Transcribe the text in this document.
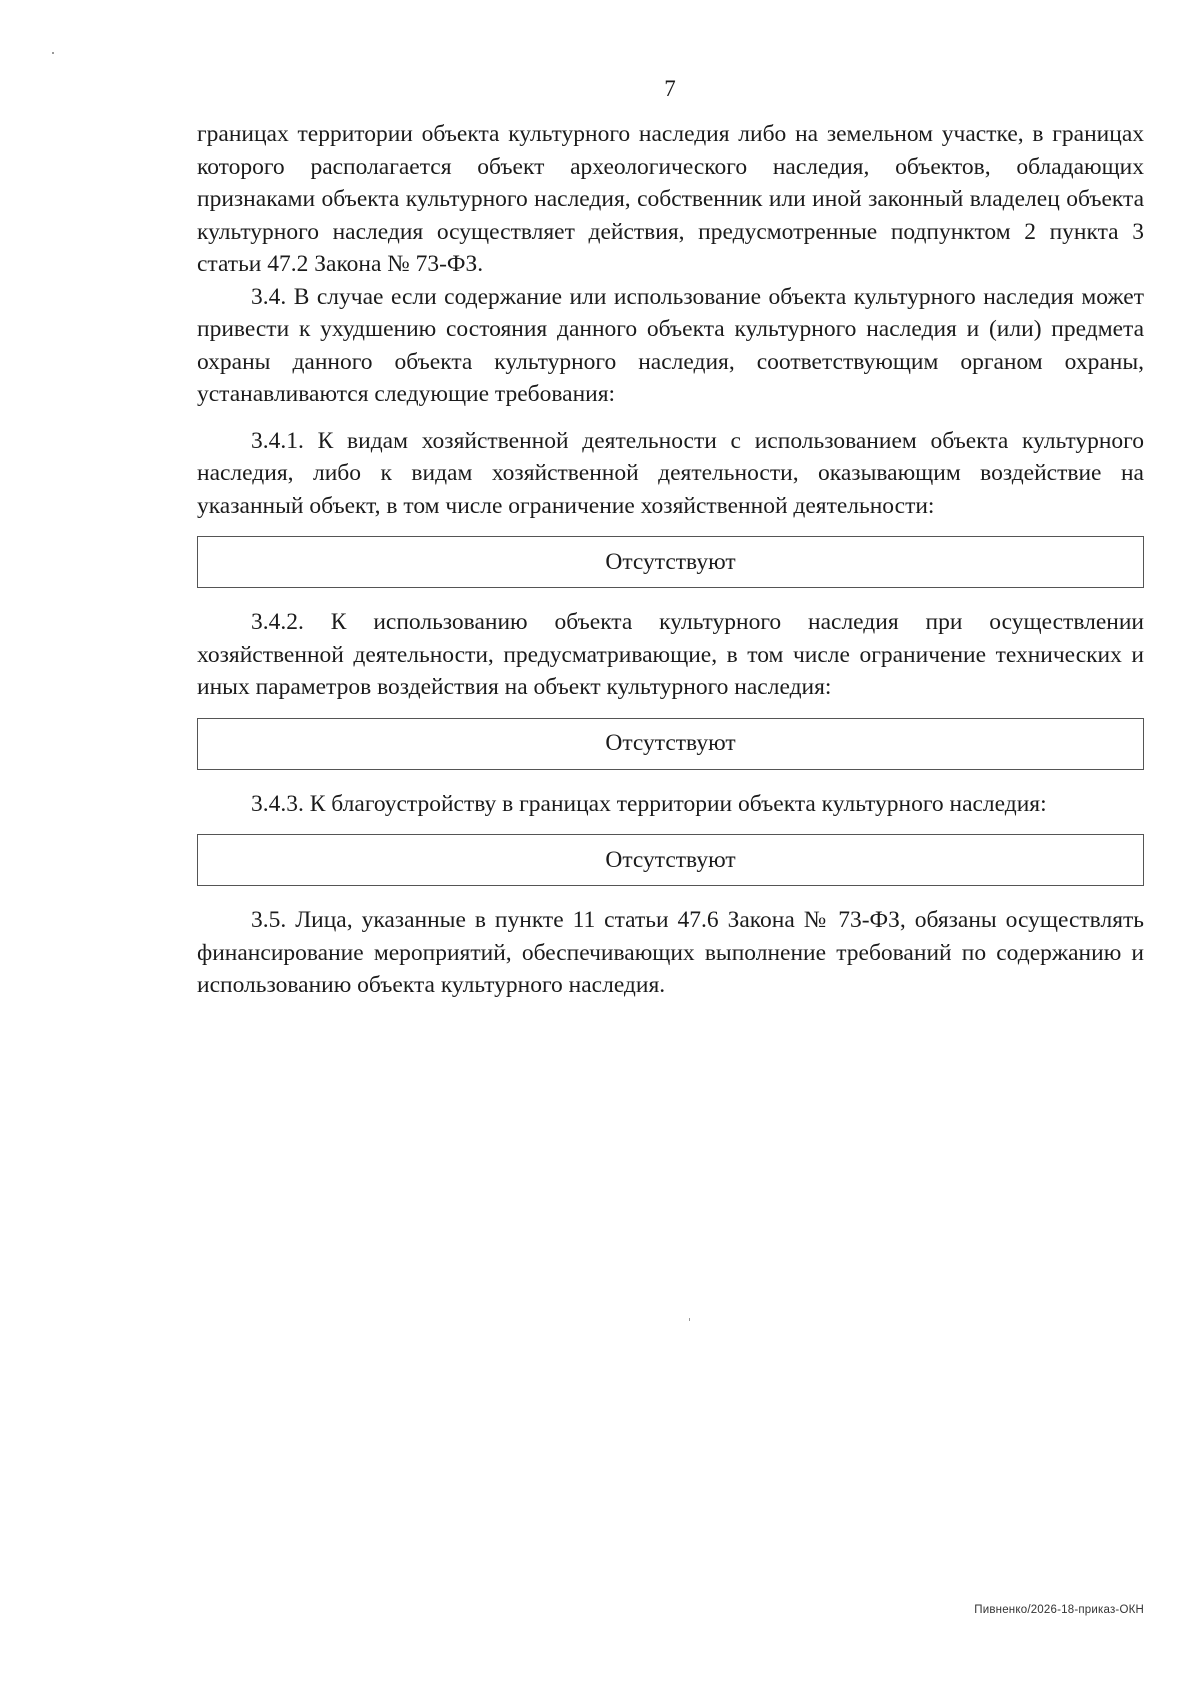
7

границах территории объекта культурного наследия либо на земельном участке, в границах которого располагается объект археологического наследия, объектов, обладающих признаками объекта культурного наследия, собственник или иной законный владелец объекта культурного наследия осуществляет действия, предусмотренные подпунктом 2 пункта 3 статьи 47.2 Закона № 73-ФЗ.

3.4. В случае если содержание или использование объекта культурного наследия может привести к ухудшению состояния данного объекта культурного наследия и (или) предмета охраны данного объекта культурного наследия, соответствующим органом охраны, устанавливаются следующие требования:

3.4.1. К видам хозяйственной деятельности с использованием объекта культурного наследия, либо к видам хозяйственной деятельности, оказывающим воздействие на указанный объект, в том числе ограничение хозяйственной деятельности:

Отсутствуют

3.4.2. К использованию объекта культурного наследия при осуществлении хозяйственной деятельности, предусматривающие, в том числе ограничение технических и иных параметров воздействия на объект культурного наследия:

Отсутствуют

3.4.3. К благоустройству в границах территории объекта культурного наследия:

Отсутствуют

3.5. Лица, указанные в пункте 11 статьи 47.6 Закона № 73-ФЗ, обязаны осуществлять финансирование мероприятий, обеспечивающих выполнение требований по содержанию и использованию объекта культурного наследия.

Пивненко/2026-18-приказ-ОКН
